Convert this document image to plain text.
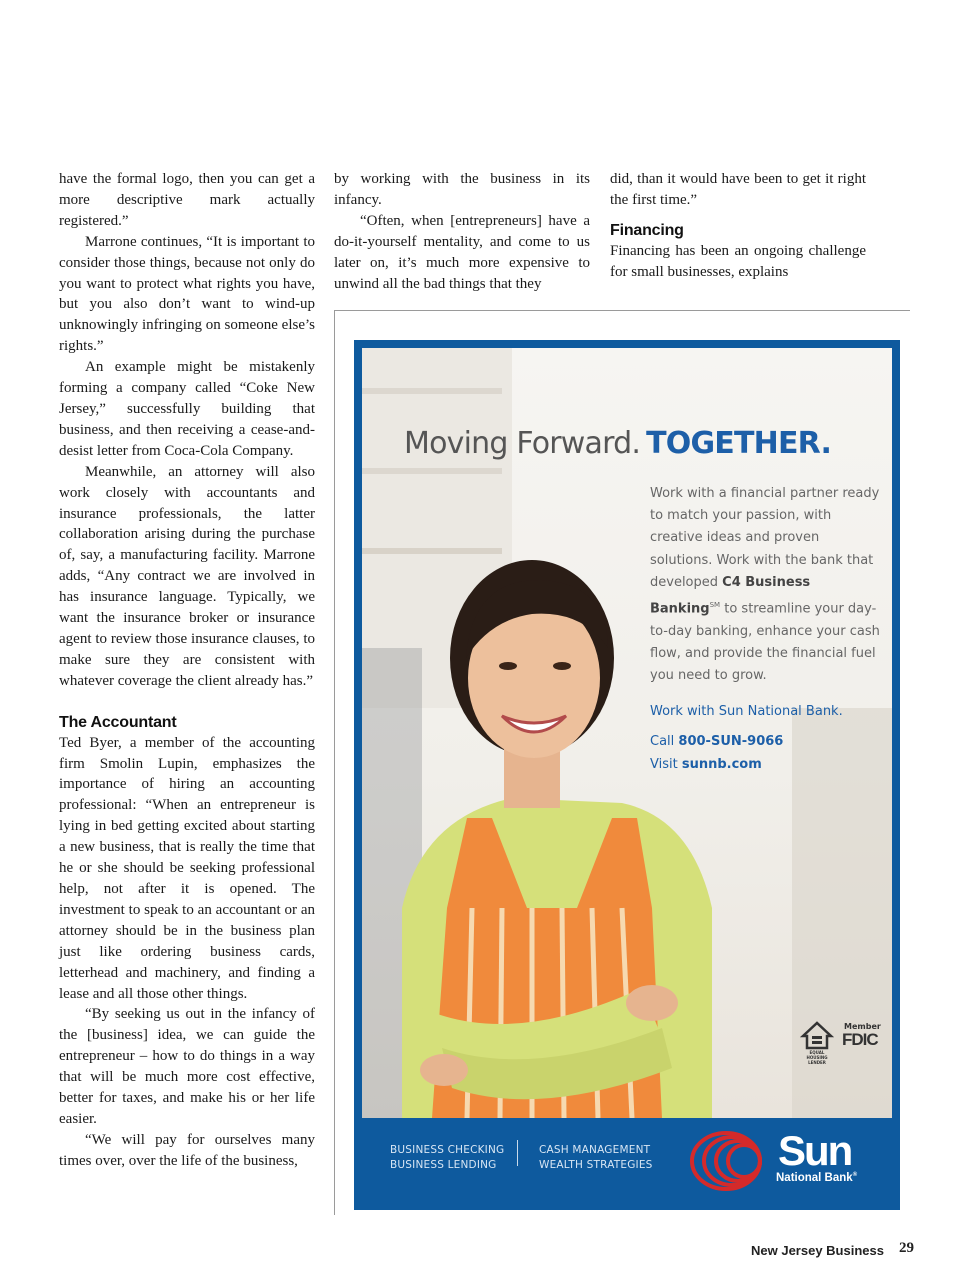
have the formal logo, then you can get a more descriptive mark actually registered.”

Marrone continues, “It is important to consider those things, because not only do you want to protect what rights you have, but you also don’t want to wind-up unknowingly infringing on someone else’s rights.”

An example might be mistakenly forming a company called “Coke New Jersey,” successfully building that business, and then receiving a cease-and-desist letter from Coca-Cola Company.

Meanwhile, an attorney will also work closely with accountants and insurance professionals, the latter collaboration arising during the purchase of, say, a manufacturing facility. Marrone adds, “Any contract we are involved in has insurance language. Typically, we want the insurance broker or insurance agent to review those insurance clauses, to make sure they are consistent with whatever coverage the client already has.”

The Accountant

Ted Byer, a member of the accounting firm Smolin Lupin, emphasizes the importance of hiring an accounting professional: “When an entrepreneur is lying in bed getting excited about starting a new business, that is really the time that he or she should be seeking professional help, not after it is opened. The investment to speak to an accountant or an attorney should be in the business plan just like ordering business cards, letterhead and machinery, and finding a lease and all those other things.

“By seeking us out in the infancy of the [business] idea, we can guide the entrepreneur – how to do things in a way that will be much more cost effective, better for taxes, and make his or her life easier.

“We will pay for ourselves many times over, over the life of the business,

by working with the business in its infancy.

“Often, when [entrepreneurs] have a do-it-yourself mentality, and come to us later on, it’s much more expensive to unwind all the bad things that they

did, than it would have been to get it right the first time.”

Financing

Financing has been an ongoing challenge for small businesses, explains

Moving Forward. TOGETHER.

Work with a financial partner ready to match your passion, with creative ideas and proven solutions. Work with the bank that developed C4 Business Banking℠ to streamline your day-to-day banking, enhance your cash flow, and provide the financial fuel you need to grow.

Work with Sun National Bank.

Call 800-SUN-9066

Visit sunnb.com

EQUAL HOUSING LENDER
Member
FDIC
BUSINESS CHECKING
BUSINESS LENDING
CASH MANAGEMENT
WEALTH STRATEGIES	Sun
National Bank®
New Jersey Business 29
